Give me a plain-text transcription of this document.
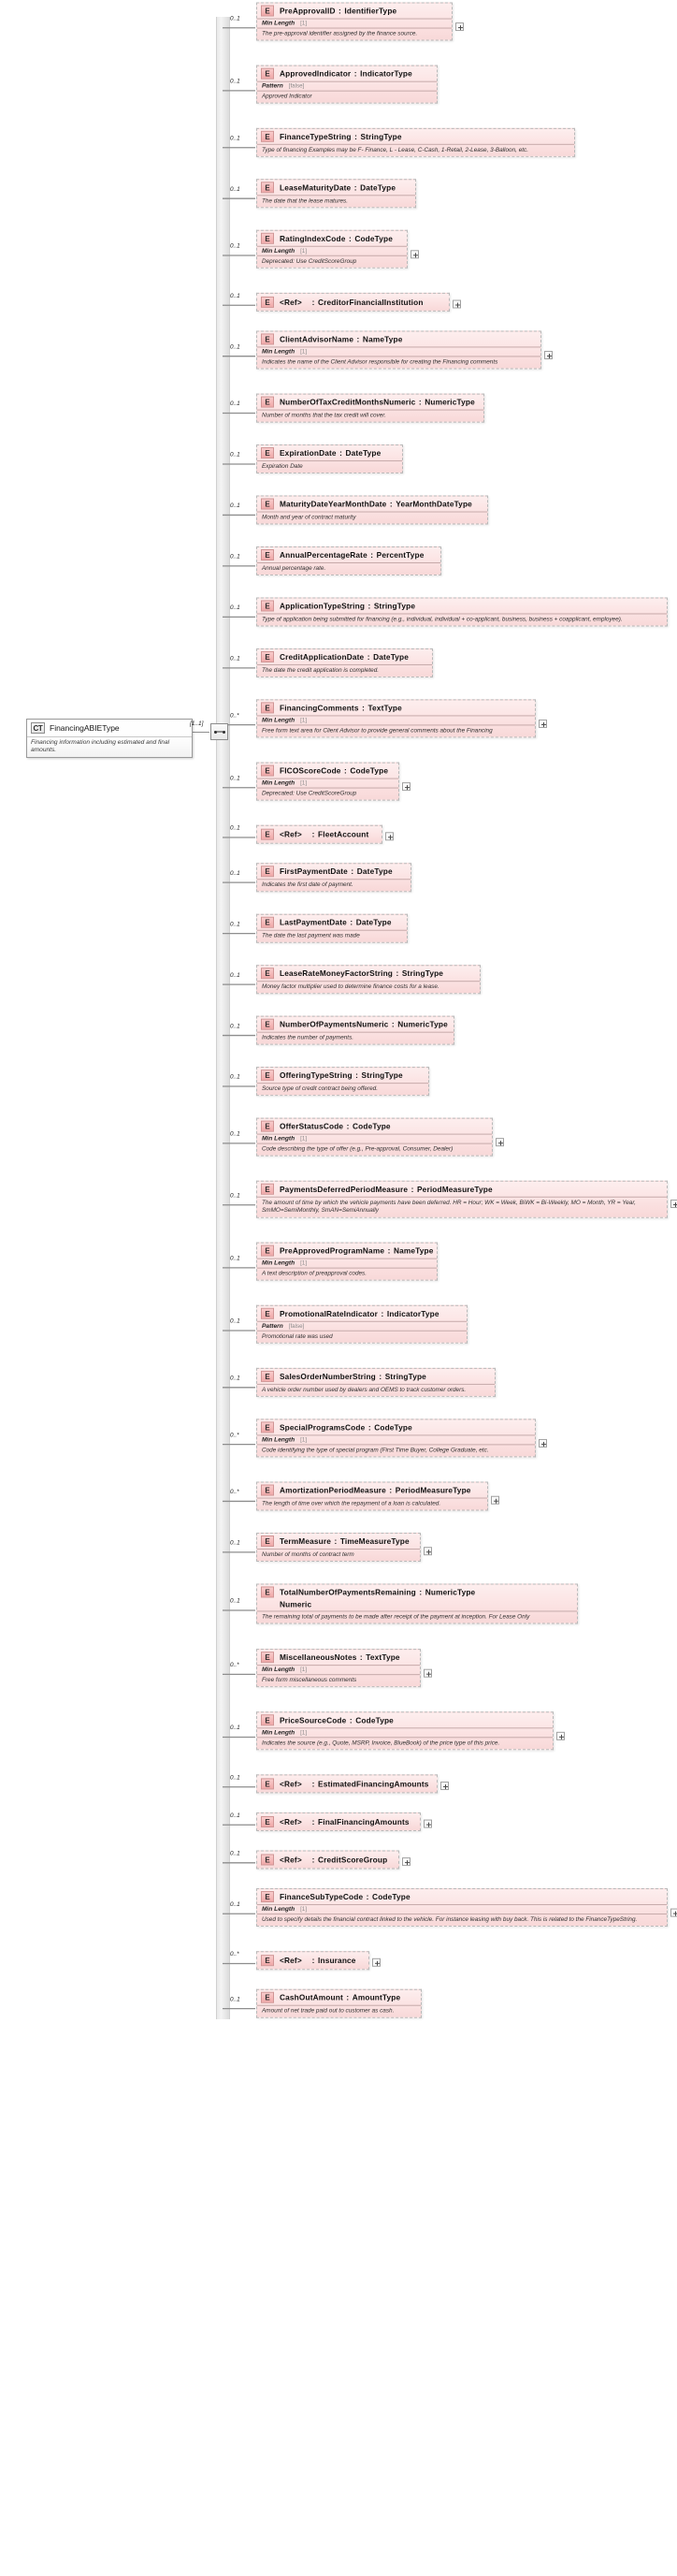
CT FinancingABIEType
Financing information including estimated and final amounts.
[1..1]
E	PreApprovalID : IdentifierType
Min Length [1]
The pre-approval identifier assigned by the finance source.
0..1
E	ApprovedIndicator : IndicatorType
Pattern [false]
Approved Indicator
0..1
E	FinanceTypeString : StringType
Type of financing Examples may be F- Finance, L - Lease, C-Cash, 1-Retail, 2-Lease, 3-Balloon, etc.
0..1
E	LeaseMaturityDate : DateType
The date that the lease matures.
0..1
E	RatingIndexCode : CodeType
Min Length [1]
Deprecated: Use CreditScoreGroup
0..1
E	<Ref>    : CreditorFinancialInstitution
0..1
E	ClientAdvisorName : NameType
Min Length [1]
Indicates the name of the Client Advisor responsible for creating the Financing comments
0..1
E	NumberOfTaxCreditMonthsNumeric : NumericType
Number of months that the tax credit will cover.
0..1
E	ExpirationDate : DateType
Expiration Date
0..1
E	MaturityDateYearMonthDate : YearMonthDateType
Month and year of contract maturity
0..1
E	AnnualPercentageRate : PercentType
Annual percentage rate.
0..1
E	ApplicationTypeString : StringType
Type of application being submitted for financing (e.g., individual, individual + co-applicant, business, business + coapplicant, employee).
0..1
E	CreditApplicationDate : DateType
The date the credit application is completed.
0..1
E	FinancingComments : TextType
Min Length [1]
Free form text area for Client Advisor to provide general comments about the Financing
0..*
E	FICOScoreCode : CodeType
Min Length [1]
Deprecated: Use CreditScoreGroup
0..1
E	<Ref>    : FleetAccount
0..1
E	FirstPaymentDate : DateType
Indicates the first date of payment.
0..1
E	LastPaymentDate : DateType
The date the last payment was made
0..1
E	LeaseRateMoneyFactorString : StringType
Money factor multiplier used to determine finance costs for a lease.
0..1
E	NumberOfPaymentsNumeric : NumericType
Indicates the number of payments.
0..1
E	OfferingTypeString : StringType
Source type of credit contract being offered.
0..1
E	OfferStatusCode : CodeType
Min Length [1]
Code describing the type of offer (e.g., Pre-approval, Consumer, Dealer)
0..1
E	PaymentsDeferredPeriodMeasure : PeriodMeasureType
The amount of time by which the vehicle payments have been deferred. HR = Hour; WK = Week, BiWK = Bi-Weekly, MO = Month, YR = Year, SmMO=SemiMonthly, SmAN=SemiAnnually
0..1
E	PreApprovedProgramName : NameType
Min Length [1]
A text description of preapproval codes.
0..1
E	PromotionalRateIndicator : IndicatorType
Pattern [false]
Promotional rate was used
0..1
E	SalesOrderNumberString : StringType
A vehicle order number used by dealers and OEMS to track customer orders.
0..1
E	SpecialProgramsCode : CodeType
Min Length [1]
Code identifying the type of special program (First Time Buyer, College Graduate, etc.
0..*
E	AmortizationPeriodMeasure : PeriodMeasureType
The length of time over which the repayment of a loan is calculated.
0..*
E	TermMeasure : TimeMeasureType
Number of months of contract term
0..1
E	TotalNumberOfPaymentsRemaining : NumericType
Numeric
The remaining total of payments to be made after receipt of the payment at inception. For Lease Only
0..1
E	MiscellaneousNotes : TextType
Min Length [1]
Free form miscellaneous comments
0..*
E	PriceSourceCode : CodeType
Min Length [1]
Indicates the source (e.g., Quote, MSRP, Invoice, BlueBook) of the price type of this price.
0..1
E	<Ref>    : EstimatedFinancingAmounts
0..1
E	<Ref>    : FinalFinancingAmounts
0..1
E	<Ref>    : CreditScoreGroup
0..1
E	FinanceSubTypeCode : CodeType
Min Length [1]
Used to specify details the financial contract linked to the vehicle. For instance leasing with buy back. This is related to the FinanceTypeString.
0..1
E	<Ref>    : Insurance
0..*
E	CashOutAmount : AmountType
Amount of net trade paid out to customer as cash.
0..1
